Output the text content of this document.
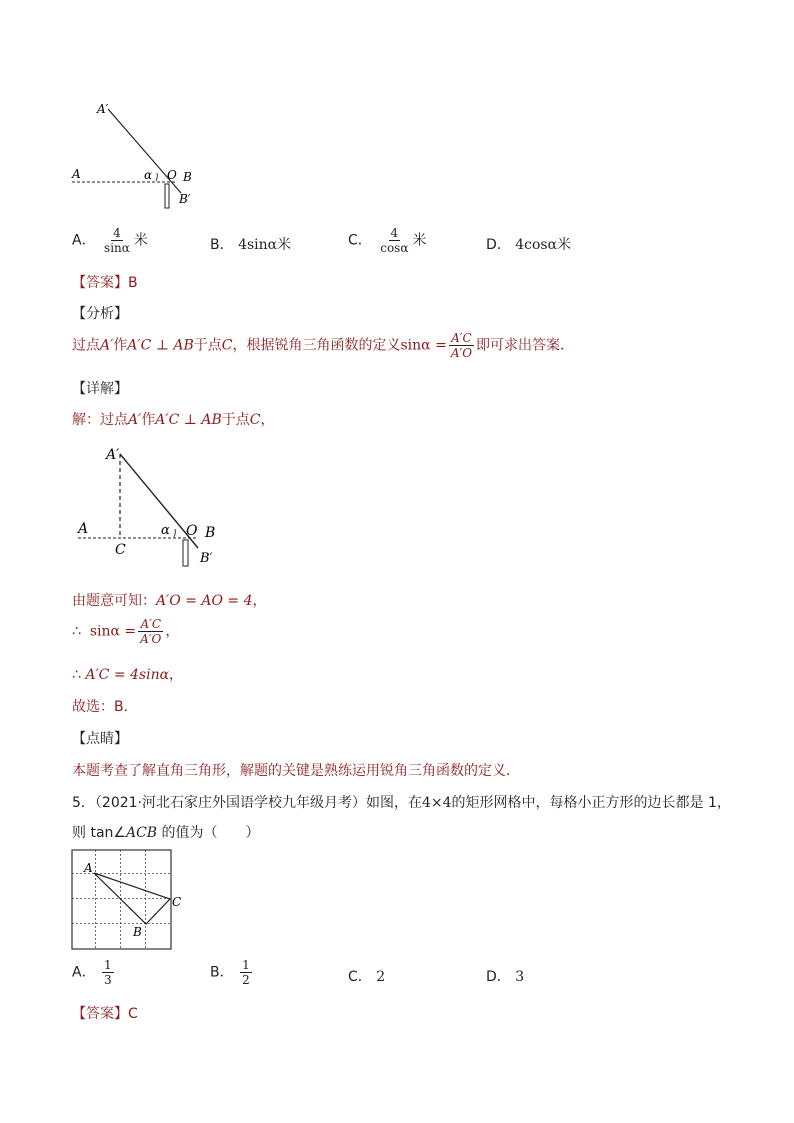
A′
A	α O B
B′
A． $\frac{4}{\sin\alpha}$ 米	B． 4sinα米	C． $\frac{4}{\cos\alpha}$ 米	D． 4cosα米
【答案】B
【分析】
过点A′作A′C ⊥ AB于点C，根据锐角三角函数的定义$\sin\alpha = \frac{A'C}{A'O}$ 即可求出答案．
【详解】
解：过点A′作A′C ⊥ AB于点C，
A′
A
C
α O B
B′
由题意可知：A′O = AO = 4，
∴ $\sin\alpha = \frac{A'C}{A'O}$ ，
∴ A′C = 4sinα，
故选：B.
【点睛】
本题考查了解直角三角形，解题的关键是熟练运用锐角三角函数的定义．
5．（2021·河北石家庄外国语学校九年级月考）如图，在4×4的矩形网格中，每格小正方形的边长都是 1，
则 tan∠ACB 的值为（　　）
A
B
C
A． $\frac{1}{3}$	B． $\frac{1}{2}$	C． 2	D． 3
【答案】C
